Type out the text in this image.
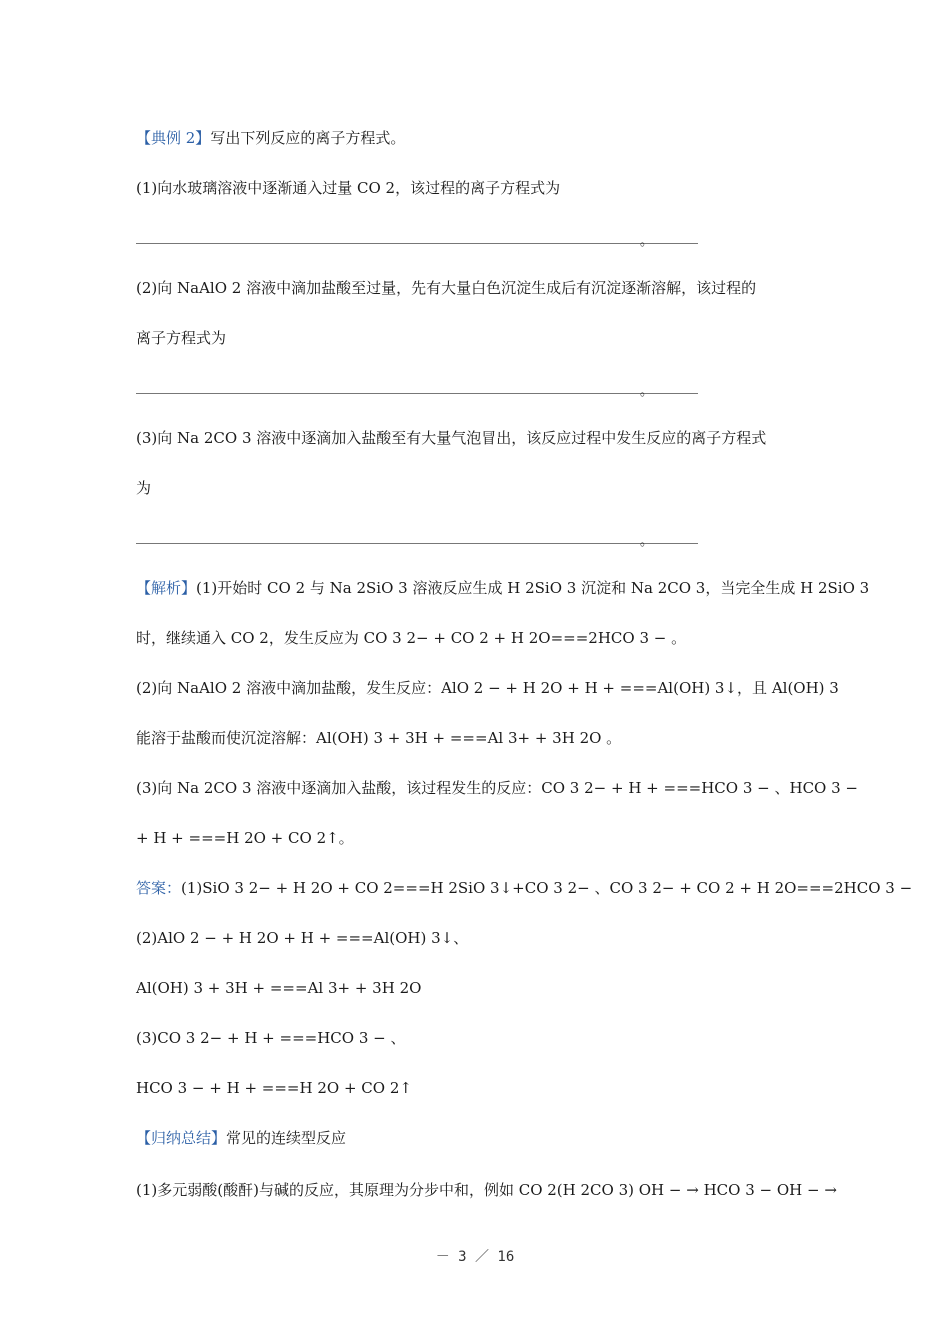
【典例 2】写出下列反应的离子方程式。
(1)向水玻璃溶液中逐渐通入过量 CO 2，该过程的离子方程式为
。
(2)向 NaAlO 2 溶液中滴加盐酸至过量，先有大量白色沉淀生成后有沉淀逐渐溶解，该过程的
离子方程式为
。
(3)向 Na 2CO 3 溶液中逐滴加入盐酸至有大量气泡冒出，该反应过程中发生反应的离子方程式
为
。
【解析】(1)开始时 CO 2 与 Na 2SiO 3 溶液反应生成 H 2SiO 3 沉淀和 Na 2CO 3，当完全生成 H 2SiO 3
时，继续通入 CO 2，发生反应为 CO 3 2− + CO 2 + H 2O===2HCO 3 − 。
(2)向 NaAlO 2 溶液中滴加盐酸，发生反应：AlO 2 − + H 2O + H + ===Al(OH) 3↓，且 Al(OH) 3
能溶于盐酸而使沉淀溶解：Al(OH) 3 + 3H + ===Al 3+ + 3H 2O 。
(3)向 Na 2CO 3 溶液中逐滴加入盐酸，该过程发生的反应：CO 3 2− + H + ===HCO 3 − 、HCO 3 −
+ H + ===H 2O + CO 2↑。
答案：(1)SiO 3 2− + H 2O + CO 2===H 2SiO 3↓+CO 3 2− 、CO 3 2− + CO 2 + H 2O===2HCO 3 −
(2)AlO 2 − + H 2O + H + ===Al(OH) 3↓、
Al(OH) 3 + 3H + ===Al 3+ + 3H 2O
(3)CO 3 2− + H + ===HCO 3 − 、
HCO 3 − + H + ===H 2O + CO 2↑
【归纳总结】常见的连续型反应
(1)多元弱酸(酸酐)与碱的反应，其原理为分步中和，例如 CO 2(H 2CO 3) OH − → HCO 3 − OH − →
－ 3 ／ 16
